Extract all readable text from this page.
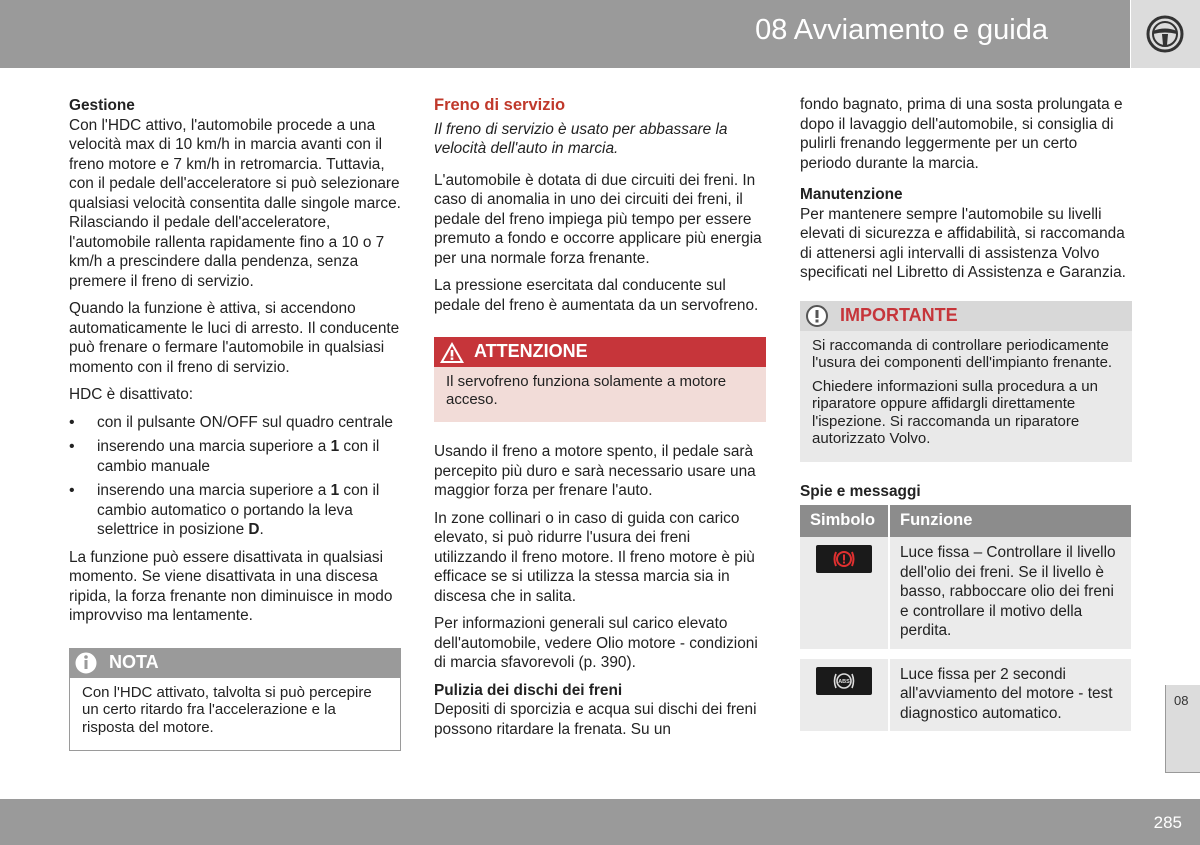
08 Avviamento e guida

Gestione

Con l'HDC attivo, l'automobile procede a una velocità max di 10 km/h in marcia avanti con il freno motore e 7 km/h in retromarcia. Tuttavia, con il pedale dell'acceleratore si può selezionare qualsiasi velocità consentita dalle singole marce. Rilasciando il pedale dell'acceleratore, l'automobile rallenta rapidamente fino a 10 o 7 km/h a prescindere dalla pendenza, senza premere il freno di servizio.

Quando la funzione è attiva, si accendono automaticamente le luci di arresto. Il conducente può frenare o fermare l'automobile in qualsiasi momento con il freno di servizio.

HDC è disattivato:

• con il pulsante ON/OFF sul quadro centrale
• inserendo una marcia superiore a 1 con il cambio manuale
• inserendo una marcia superiore a 1 con il cambio automatico o portando la leva selettrice in posizione D.

La funzione può essere disattivata in qualsiasi momento. Se viene disattivata in una discesa ripida, la forza frenante non diminuisce in modo improvviso ma lentamente.

NOTA

Con l'HDC attivato, talvolta si può percepire un certo ritardo fra l'accelerazione e la risposta del motore.

Freno di servizio

Il freno di servizio è usato per abbassare la velocità dell'auto in marcia.

L'automobile è dotata di due circuiti dei freni. In caso di anomalia in uno dei circuiti dei freni, il pedale del freno impiega più tempo per essere premuto a fondo e occorre applicare più energia per una normale forza frenante.

La pressione esercitata dal conducente sul pedale del freno è aumentata da un servofreno.

ATTENZIONE

Il servofreno funziona solamente a motore acceso.

Usando il freno a motore spento, il pedale sarà percepito più duro e sarà necessario usare una maggior forza per frenare l'auto.

In zone collinari o in caso di guida con carico elevato, si può ridurre l'usura dei freni utilizzando il freno motore. Il freno motore è più efficace se si utilizza la stessa marcia sia in discesa che in salita.

Per informazioni generali sul carico elevato dell'automobile, vedere Olio motore - condizioni di marcia sfavorevoli (p. 390).

Pulizia dei dischi dei freni

Depositi di sporcizia e acqua sui dischi dei freni possono ritardare la frenata. Su un

fondo bagnato, prima di una sosta prolungata e dopo il lavaggio dell'automobile, si consiglia di pulirli frenando leggermente per un certo periodo durante la marcia.

Manutenzione

Per mantenere sempre l'automobile su livelli elevati di sicurezza e affidabilità, si raccomanda di attenersi agli intervalli di assistenza Volvo specificati nel Libretto di Assistenza e Garanzia.

IMPORTANTE

Si raccomanda di controllare periodicamente l'usura dei componenti dell'impianto frenante.

Chiedere informazioni sulla procedura a un riparatore oppure affidargli direttamente l'ispezione. Si raccomanda un riparatore autorizzato Volvo.

Spie e messaggi

Simbolo	Funzione

	Luce fissa – Controllare il livello dell'olio dei freni. Se il livello è basso, rabboccare olio dei freni e controllare il motivo della perdita.

ABS	Luce fissa per 2 secondi all'avviamento del motore - test diagnostico automatico.
08
285
